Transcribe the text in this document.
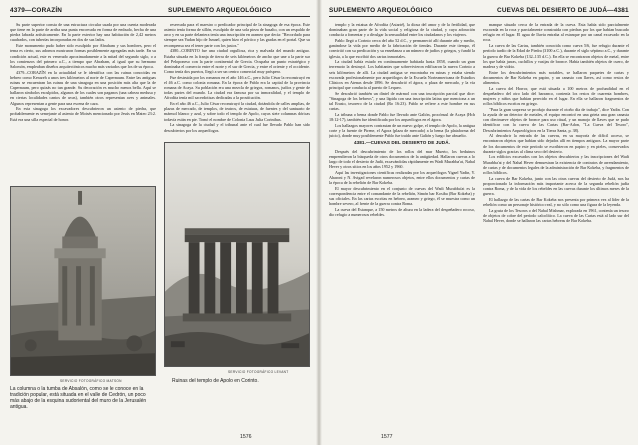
4379—CORAZÍN	SUPLEMENTO ARQUEOLÓGICO

Su parte superior consta de una estructura circular usada por una cuenta moderada que tiene en la parte de arriba una punta encorvada en forma de embudo, hecha de una piedra labrada artísticamente. En la parte exterior hay una habitación de 2,42 metros cuadrados, con tuberías incorporadas en dos de sus lados.

Este monumento pudo haber sido esculpido por Abraham y sus hombres, pero el tema es cierto, sus adornos mostraron formas posiblemente agregadas más tarde. En su condición actual, este es venerado aproximadamente a la mitad del segundo siglo, o a los comienzos del primero a.C., a tiempo que Abraham, al igual que su hermano Salomón, empleaban diseños arquitectónicos mucho más variados que los de su época.

4379.–CORAZÍN en la actualidad se le identifica con las ruinas conocidas en hebreo como Kerazeh a unos tres kilómetros al norte de Capernaum. Entre las antiguas ruinas se encuentran las ruinas de una sinagoga en una posición más alta que la de Capernaum, pero quizás no tan grande. Su decoración es mucho menos bella. Aquí se hallaron símbolos esculpidos, algunos de los cuales son paganos (una cabeza medusa y en ciertas localidades cantos de uvas), también otros representan aves y animales. Algunos representan a gente para una escena de caza.

En esta sinagoga los excavadores descubrieron un asiento de piedra, que probablemente es semejante al asiento de Moisés mencionado por Jesús en Mateo 23:2. Está era una silla especial de honor.

reservada para el maestro o predicador principal de la sinagoga de esa época. Este asiento tenía forma de sillón, esculpido de una sola pieza de basalto, con un respaldo de arco y en su parte delantera tenía una inscripción en arameo que decía: "Recordado para siempre sea Yudan hijo de Ismael, quien hizo el pórtico y las gradas en el portal. Que su recompensa sea el tener parte con los justos."

4380.–CORINTO fue una ciudad orgullosa, rica y malvada del mundo antiguo. Estaba situada en la franja de tierra de seis kilómetros de ancho que une a la parte sur del Peloponeso con la parte continental de Grecia. Ocupaba un punto estratégico y dominaba el comercio entre el norte y el sur de Grecia, y entre el oriente y el occidente. Como tenía dos puertos, llegó a ser un centro comercial muy próspero.

Fue destruida por los romanos en el año 146 a.C., pero Julio César la reconstruyó en el 46 a.C. como colonia romana. En la época de Pablo era la capital de la provincia romana de Acaya. Su población era una mezcla de griegos, romanos, judíos y gente de todas partes del mundo. La ciudad era famosa por su inmoralidad, y el templo de Afrodita tenía mil sacerdotisas dedicadas a la prostitución.

En el año 46 a.C., Julio César reconstruyó la ciudad, dotándola de calles amplias, de plazas de mercado, de templos, de teatros, de estatuas, de fuentes y del santuario de mármol blanco y azul, y sobre todo el templo de Apolo, cuyas siete columnas dóricas todavía están en pie. Tomó el nombre de Colonia Laus Julia Corinthus.

La sinagoga de la ciudad y el tribunal ante el cual fue llevado Pablo han sido descubiertos por los arqueólogos.

SERVICIO FOTOGRÁFICO MATSON
La columna o la tumba de Absalón, como se le conoce en la tradición popular, está situada en el valle de Cedrón, un poco más abajo de la esquina sudoriental del muro de la Jerusalén antigua.
SERVICIO FOTOGRÁFICO LEVANT
Ruinas del templo de Apolo en Corinto.
1576
SUPLEMENTO ARQUEOLÓGICO	CUEVAS DEL DESIERTO DE JUDÁ—4381

templo y la estatua de Afrodita (Astarté), la diosa del amor y de la fertilidad, que dominaban gran parte de la vida social y religiosa de la ciudad, y cuya adoración conducía a fomentar y a divulgar la sensualidad entre los ciudadanos y los viajeros.

Pablo llegó a Corinto cerca del año 52 d.C., y permaneció allí durante año y medio, ganándose la vida por medio de la fabricación de tiendas. Durante este tiempo, él convirtió con su predicación y su enseñanza a un número de judíos y griegos, y fundó la iglesia, a la que escribió dos cartas inmortales.

La ciudad había estado en continuamente habitada hasta 1858, cuando un gran terremoto la destruyó. Los habitantes que sobrevivieron edificaron la nueva Corinto a seis kilómetros de allí. La ciudad antigua se encontraba en ruinas y estaba siendo excavada profesionalmente por arqueólogos de la Escuela Norteamericana de Estudios Clásicos en Atenas desde 1896. Se descubrió el ágora, o plaza de mercado, y la vía principal que conducía al puerto de Lequeo.

Se descubrió también un dintel de mármol con una inscripción parcial que dice: "Sinagoga de los hebreos", y una lápida con una inscripción latina que menciona a un tal Erasto, tesorero de la ciudad (Ro 16:23). Pablo se refiere a este hombre en sus cartas.

La tribuna o bema donde Pablo fue llevado ante Galión, procónsul de Acaya (Hch 18:12-17), también fue identificada por los arqueólogos en el ágora.

Los hallazgos mayores contrastan de un nuevo golpe, el templo de Apolo, la antigua corte y la fuente de Pirene, el Agora (plaza de mercado) a la bema (la plataforma del juicio), donde muy posiblemente Pablo fue traído ante Galión y luego fue absuelto.

4381.—CUEVAS DEL DESIERTO DE JUDÁ.

Después del descubrimiento de los rollos del mar Muerto, los beduinos emprendieron la búsqueda de otros documentos de la antigüedad. Hallaron cuevas a lo largo de todo el desierto de Judá, excavándolas rápidamente en Wadi Murabba'at, Nahal Hever y otros sitios en los años 1952 y 1960.

Aquí las investigaciones científicas realizadas por los arqueólogos Yigael Yadin, Y. Aharoni y N. Avigad revelaron numerosos objetos, entre ellos documentos y cartas de la época de la rebelión de Bar Kokeba.

El mayor descubrimiento en el conjunto de cuevas del Wadi Murabba'at es la correspondencia entre el comandante de la rebelión, Simón bar Kosiba (Bar Kokeba) y sus oficiales. En las cartas escritas en hebreo, arameo y griego, él se muestra como un hombre severo, al frente de la guerra contra Roma.

La cueva del Estanque, a 150 metros de altura en la ladera del despeñadero rocoso, dio refugio a numerosos rebeldes.

manque situado cerca de la entrada de la cueva. Esta había sido parcialmente excavada en la roca y parcialmente construida con piedras por los que habían buscado refugio en el lugar. El agua de lluvia entraba al estanque por un canal excavado en la roca.

La cueva de las Cartas, también conocida como cueva 5/6, fue refugio durante el período tardío de la Edad de Piedra (3100 a.C.), durante el siglo séptimo a.C., y durante la guerra de Bar Kokeba (132–135 d.C.). En ella se encontraron objetos de metal, entre los que había jarras, cuchillos y vasijas de bronce. Había también objetos de cuero, de madera y de vidrio.

Entre los descubrimientos más notables, se hallaron paquetes de cartas y documentos de Bar Kokeba en papiro, y un canasto con llaves, así como restos de alimentos.

La cueva del Horror, que está situada a 100 metros de profundidad en el despeñadero del otro lado del barranco, contenía los restos de cuarenta hombres, mujeres y niños que habían perecido en el lugar. En ella se hallaron fragmentos de rollos bíblicos escritos en griego.

"Para la gran sorpresa se produjo durante el otoño día de trabajo", dice Yadin. Con la ayuda de un detector de metales, el equipo encontró en una grieta una gran canasta con diecinueve objetos de bronce para uso ritual, y un manojo de llaves que se pudo identificar con la cueva de las Cartas (Bar-Adon, "La Cueva del Tesoro", Descubrimientos Arqueológicos en la Tierra Santa, p. 38).

Al descubrir la entrada de las cuevas, en su mayoría de difícil acceso, se encontraron objetos que habían sido dejados allí en tiempos antiguos. La mayor parte de los documentos de este período se escribieron en papiro y en pieles, conservados durante siglos gracias al clima seco del desierto.

Los edificios excavados con los objetos descubiertos y las inscripciones del Wadi Murabba'at y del Nahal Hever demuestran la existencia de contratos de arrendamiento, de cartas y de documentos legales de la administración de Bar Kokeba, y fragmentos de rollos bíblicos.

La cueva de Bar Kokeba, junto con las otras cuevas del desierto de Judá, nos ha proporcionado la información más importante acerca de la segunda rebelión judía contra Roma, y de la vida de los rebeldes en las cuevas durante los últimos meses de la guerra.

El hallazgo de las cartas de Bar Kokeba nos presenta por primera vez al líder de la rebelión como un personaje histórico real, y no sólo como una figura de la leyenda.

La gruta de los Tesoros o del Nahal Mishmar, explorada en 1961, contenía un tesoro de objetos de cobre del período calcolítico. La cueva de las Cartas está al lado sur del Nahal Hever, donde se hallaron las cartas hebreas de Bar Kokeba.

1577
